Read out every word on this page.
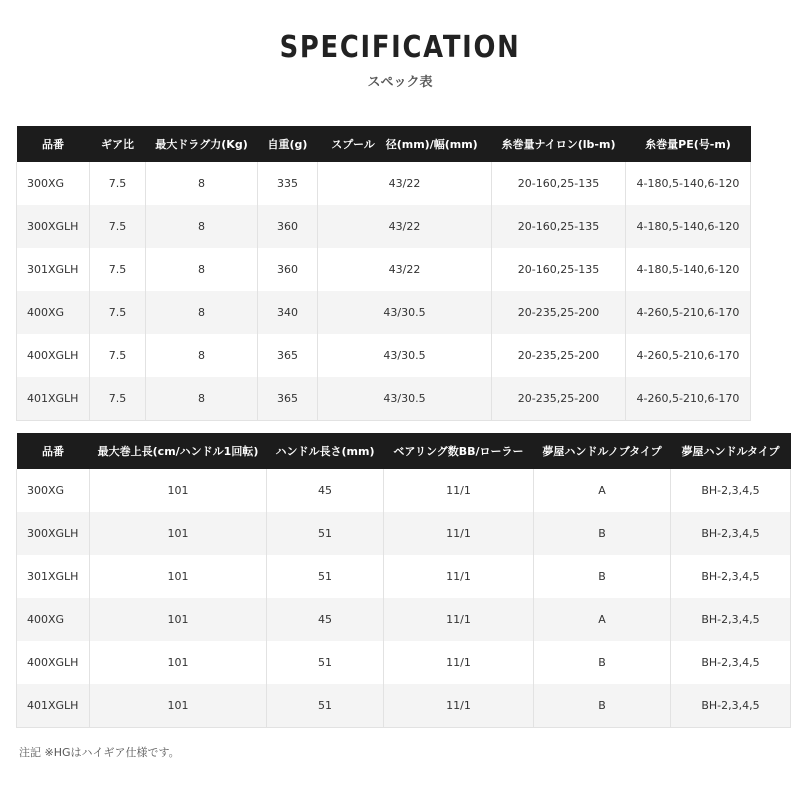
SPECIFICATION
スペック表
品番	ギア比	最大ドラグ力(Kg)	自重(g)	スプール　径(mm)/幅(mm)	糸巻量ナイロン(lb-m)	糸巻量PE(号-m)
300XG	7.5	8	335	43/22	20-160,25-135	4-180,5-140,6-120
300XGLH	7.5	8	360	43/22	20-160,25-135	4-180,5-140,6-120
301XGLH	7.5	8	360	43/22	20-160,25-135	4-180,5-140,6-120
400XG	7.5	8	340	43/30.5	20-235,25-200	4-260,5-210,6-170
400XGLH	7.5	8	365	43/30.5	20-235,25-200	4-260,5-210,6-170
401XGLH	7.5	8	365	43/30.5	20-235,25-200	4-260,5-210,6-170
品番	最大巻上長(cm/ハンドル1回転)	ハンドル長さ(mm)	ベアリング数BB/ローラー	夢屋ハンドルノブタイプ	夢屋ハンドルタイプ
300XG	101	45	11/1	A	BH-2,3,4,5
300XGLH	101	51	11/1	B	BH-2,3,4,5
301XGLH	101	51	11/1	B	BH-2,3,4,5
400XG	101	45	11/1	A	BH-2,3,4,5
400XGLH	101	51	11/1	B	BH-2,3,4,5
401XGLH	101	51	11/1	B	BH-2,3,4,5
注記 ※HGはハイギア仕様です。
